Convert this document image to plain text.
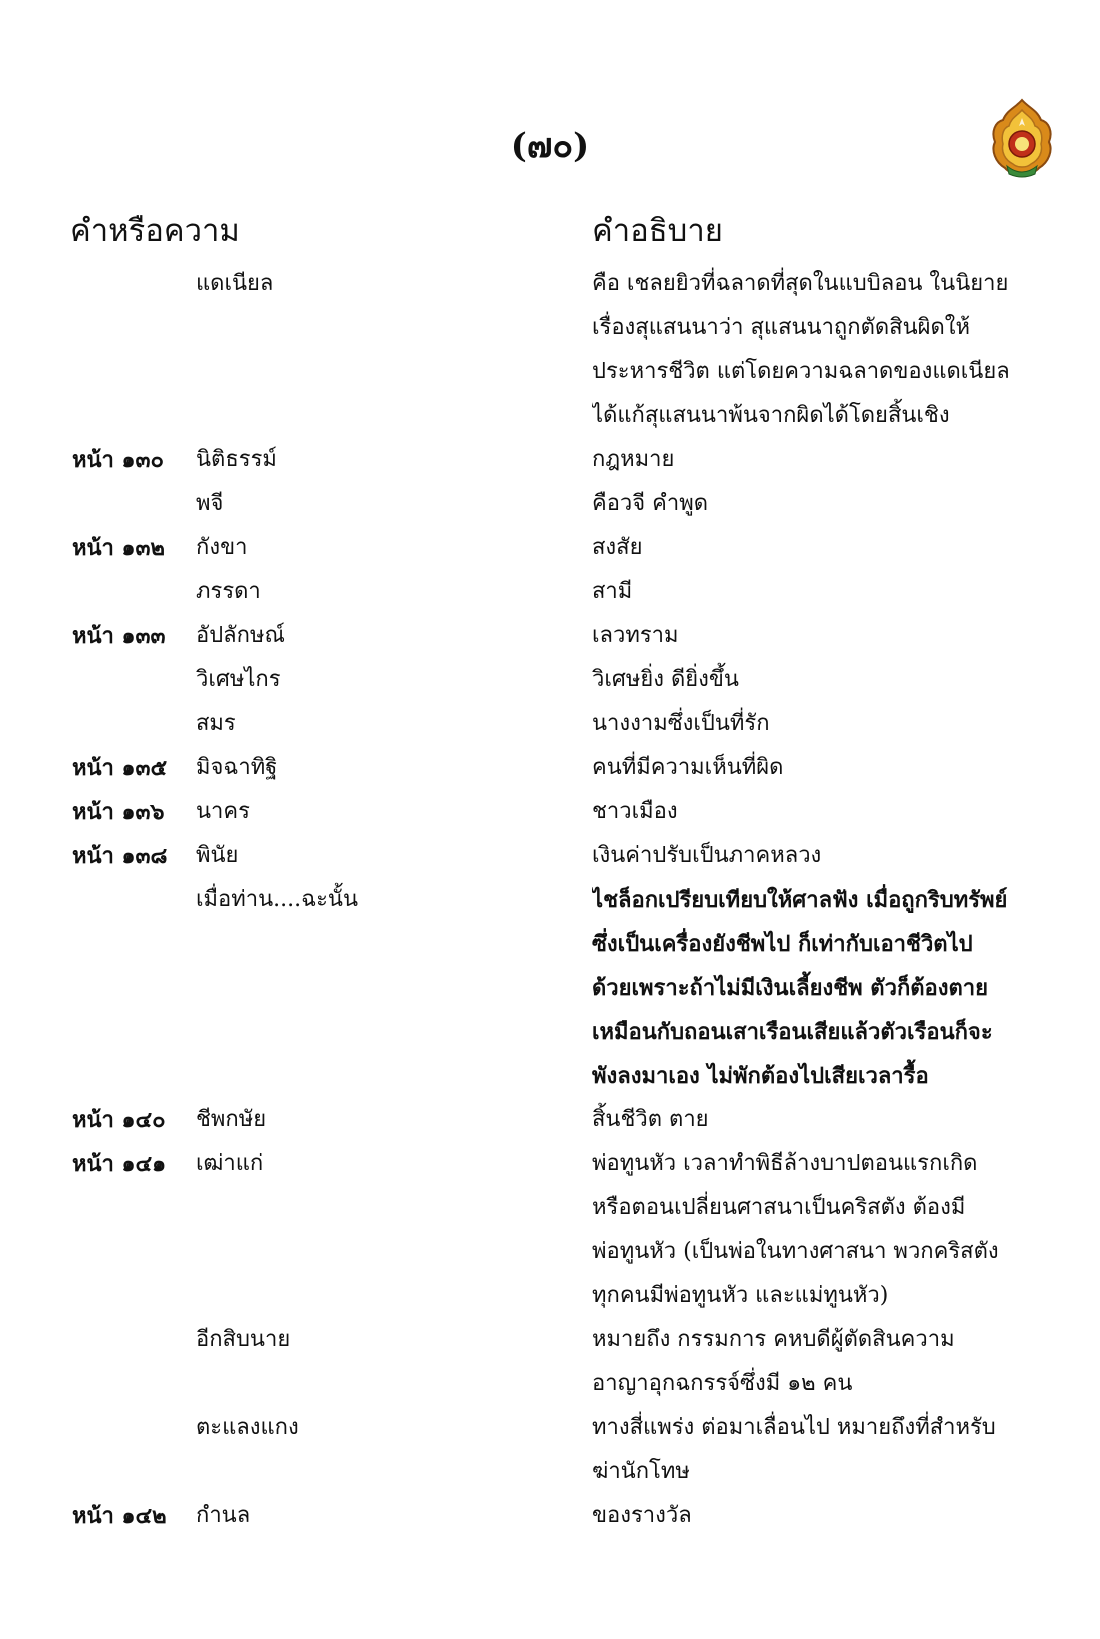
(๗๐)
คำหรือความ	คำอธิบาย
แดเนียล	คือ เชลยยิวที่ฉลาดที่สุดในแบบิลอน ในนิยาย
เรื่องสุแสนนาว่า สุแสนนาถูกตัดสินผิดให้
ประหารชีวิต แต่โดยความฉลาดของแดเนียล
ได้แก้สุแสนนาพ้นจากผิดได้โดยสิ้นเชิง
หน้า ๑๓๐ นิติธรรม์	กฎหมาย
พจี	คือวจี คำพูด
หน้า ๑๓๒ กังขา	สงสัย
ภรรดา	สามี
หน้า ๑๓๓ อัปลักษณ์	เลวทราม
วิเศษไกร	วิเศษยิ่ง ดียิ่งขึ้น
สมร	นางงามซึ่งเป็นที่รัก
หน้า ๑๓๕ มิจฉาทิฐิ	คนที่มีความเห็นที่ผิด
หน้า ๑๓๖ นาคร	ชาวเมือง
หน้า ๑๓๘ พินัย	เงินค่าปรับเป็นภาคหลวง
เมื่อท่าน....ฉะนั้น	ไชล็อกเปรียบเทียบให้ศาลฟัง เมื่อถูกริบทรัพย์
ซึ่งเป็นเครื่องยังชีพไป ก็เท่ากับเอาชีวิตไป
ด้วยเพราะถ้าไม่มีเงินเลี้ยงชีพ ตัวก็ต้องตาย
เหมือนกับถอนเสาเรือนเสียแล้วตัวเรือนก็จะ
พังลงมาเอง ไม่พักต้องไปเสียเวลารื้อ
หน้า ๑๔๐ ชีพกษัย	สิ้นชีวิต ตาย
หน้า ๑๔๑ เฒ่าแก่	พ่อทูนหัว เวลาทำพิธีล้างบาปตอนแรกเกิด
หรือตอนเปลี่ยนศาสนาเป็นคริสตัง ต้องมี
พ่อทูนหัว (เป็นพ่อในทางศาสนา พวกคริสตัง
ทุกคนมีพ่อทูนหัว และแม่ทูนหัว)
อีกสิบนาย	หมายถึง กรรมการ คหบดีผู้ตัดสินความ
อาญาอุกฉกรรจ์ซึ่งมี ๑๒ คน
ตะแลงแกง	ทางสี่แพร่ง ต่อมาเลื่อนไป หมายถึงที่สำหรับ
ฆ่านักโทษ
หน้า ๑๔๒ กำนล	ของรางวัล
